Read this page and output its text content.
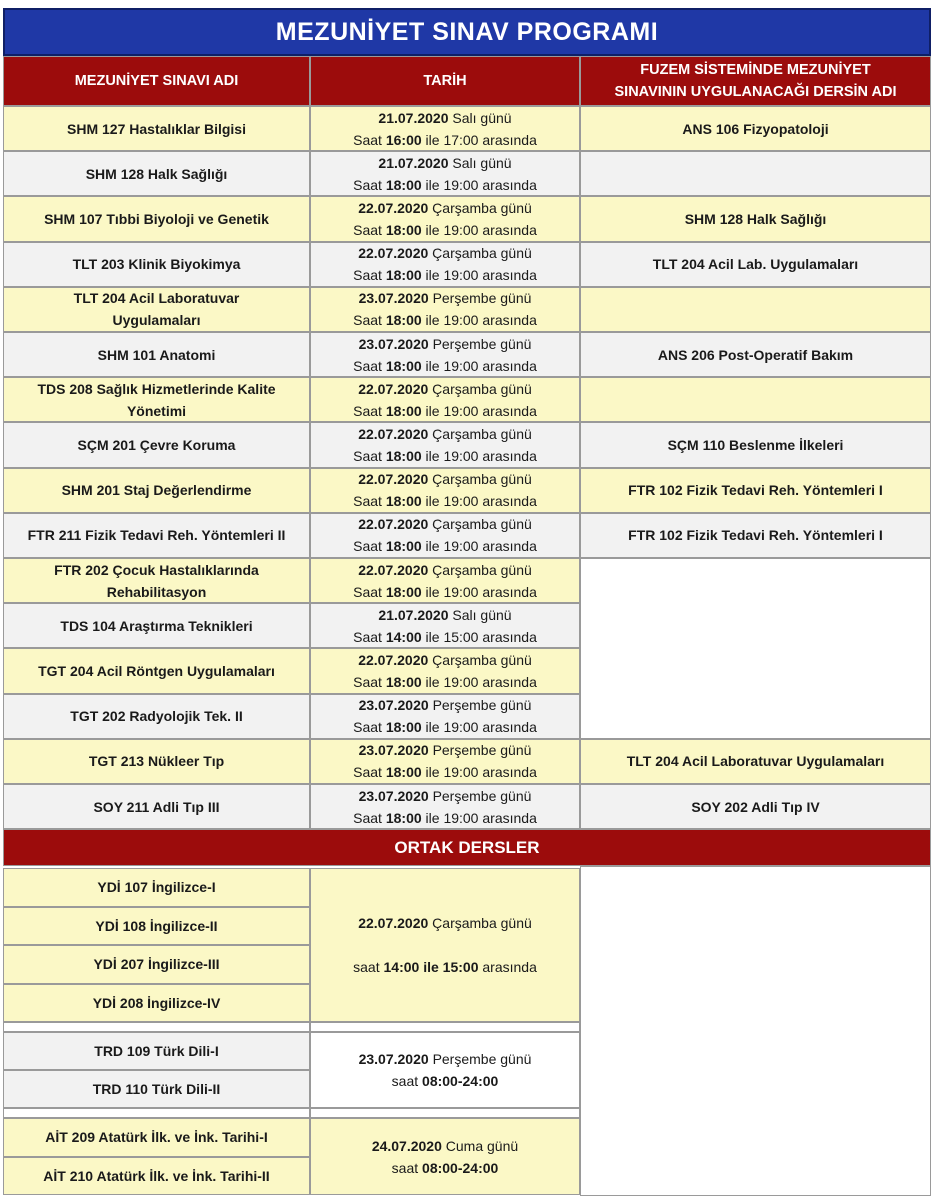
MEZUNİYET SINAV PROGRAMI
MEZUNİYET SINAVI ADI	TARİH
FUZEM SİSTEMİNDE MEZUNİYET
SINAVININ UYGULANACAĞI DERSİN ADI
SHM 127 Hastalıklar Bilgisi
21.07.2020 Salı günü
Saat 16:00 ile 17:00 arasında
ANS 106 Fizyopatoloji
SHM 128 Halk Sağlığı
21.07.2020 Salı günü
Saat 18:00 ile 19:00 arasında
SHM 107 Tıbbi Biyoloji ve Genetik
22.07.2020 Çarşamba günü
Saat 18:00 ile 19:00 arasında
SHM 128 Halk Sağlığı
TLT 203 Klinik Biyokimya
22.07.2020 Çarşamba günü
Saat 18:00 ile 19:00 arasında
TLT 204 Acil Lab. Uygulamaları
TLT 204 Acil Laboratuvar
Uygulamaları
23.07.2020 Perşembe günü
Saat 18:00 ile 19:00 arasında
SHM 101 Anatomi
23.07.2020 Perşembe günü
Saat 18:00 ile 19:00 arasında
ANS 206 Post-Operatif Bakım
TDS 208 Sağlık Hizmetlerinde Kalite
Yönetimi
22.07.2020 Çarşamba günü
Saat 18:00 ile 19:00 arasında
SÇM 201 Çevre Koruma
22.07.2020 Çarşamba günü
Saat 18:00 ile 19:00 arasında
SÇM 110 Beslenme İlkeleri
SHM 201 Staj Değerlendirme
22.07.2020 Çarşamba günü
Saat 18:00 ile 19:00 arasında
FTR 102 Fizik Tedavi Reh. Yöntemleri I
FTR 211 Fizik Tedavi Reh. Yöntemleri II
22.07.2020 Çarşamba günü
Saat 18:00 ile 19:00 arasında
FTR 102 Fizik Tedavi Reh. Yöntemleri I
FTR 202 Çocuk Hastalıklarında
Rehabilitasyon
22.07.2020 Çarşamba günü
Saat 18:00 ile 19:00 arasında
TDS 104 Araştırma Teknikleri
21.07.2020 Salı günü
Saat 14:00 ile 15:00 arasında
TGT 204 Acil Röntgen Uygulamaları
22.07.2020 Çarşamba günü
Saat 18:00 ile 19:00 arasında
TGT 202 Radyolojik Tek. II
23.07.2020 Perşembe günü
Saat 18:00 ile 19:00 arasında
TGT 213 Nükleer Tıp
23.07.2020 Perşembe günü
Saat 18:00 ile 19:00 arasında
TLT 204 Acil Laboratuvar Uygulamaları
SOY 211 Adli Tıp III
23.07.2020 Perşembe günü
Saat 18:00 ile 19:00 arasında
SOY 202 Adli Tıp IV
ORTAK DERSLER
YDİ 107 İngilizce-I
YDİ 108 İngilizce-II
YDİ 207 İngilizce-III
YDİ 208 İngilizce-IV
22.07.2020 Çarşamba günü
saat 14:00 ile 15:00 arasında
TRD 109 Türk Dili-I
TRD 110 Türk Dili-II
23.07.2020 Perşembe günü
saat 08:00-24:00
AİT 209 Atatürk İlk. ve İnk. Tarihi-I
AİT 210 Atatürk İlk. ve İnk. Tarihi-II
24.07.2020 Cuma günü
saat 08:00-24:00
